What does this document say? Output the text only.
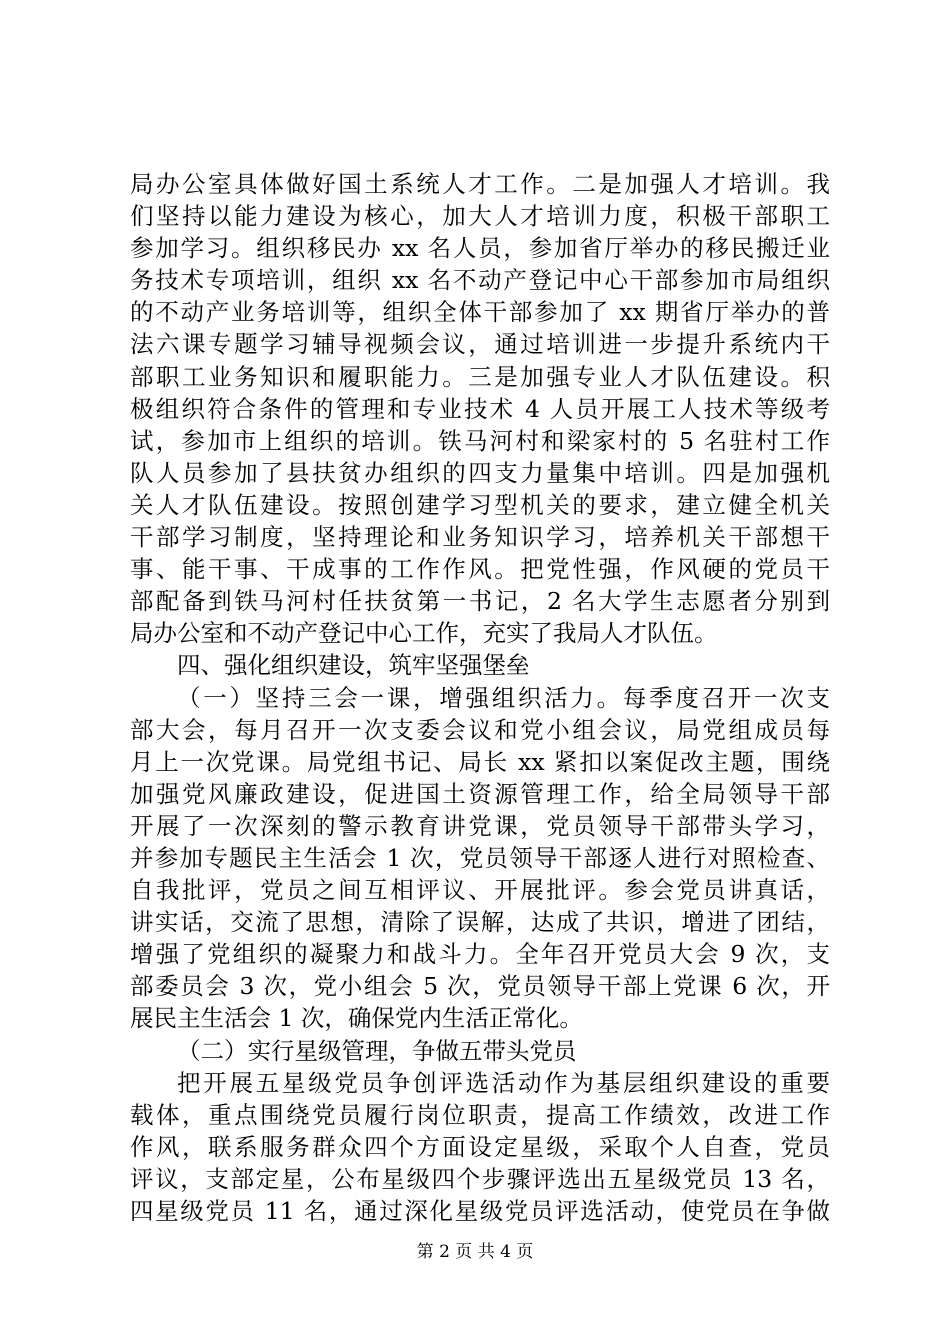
局办公室具体做好国土系统人才工作。二是加强人才培训。我
们坚持以能力建设为核心，加大人才培训力度，积极干部职工
参加学习。组织移民办 xx 名人员，参加省厅举办的移民搬迁业
务技术专项培训，组织 xx 名不动产登记中心干部参加市局组织
的不动产业务培训等，组织全体干部参加了 xx 期省厅举办的普
法六课专题学习辅导视频会议，通过培训进一步提升系统内干
部职工业务知识和履职能力。三是加强专业人才队伍建设。积
极组织符合条件的管理和专业技术 4 人员开展工人技术等级考
试，参加市上组织的培训。铁马河村和梁家村的 5 名驻村工作
队人员参加了县扶贫办组织的四支力量集中培训。四是加强机
关人才队伍建设。按照创建学习型机关的要求，建立健全机关
干部学习制度，坚持理论和业务知识学习，培养机关干部想干
事、能干事、干成事的工作作风。把党性强，作风硬的党员干
部配备到铁马河村任扶贫第一书记，2 名大学生志愿者分别到
局办公室和不动产登记中心工作，充实了我局人才队伍。
四、强化组织建设，筑牢坚强堡垒
（一）坚持三会一课，增强组织活力。每季度召开一次支
部大会，每月召开一次支委会议和党小组会议，局党组成员每
月上一次党课。局党组书记、局长 xx 紧扣以案促改主题，围绕
加强党风廉政建设，促进国土资源管理工作，给全局领导干部
开展了一次深刻的警示教育讲党课，党员领导干部带头学习，
并参加专题民主生活会 1 次，党员领导干部逐人进行对照检查、
自我批评，党员之间互相评议、开展批评。参会党员讲真话，
讲实话，交流了思想，清除了误解，达成了共识，增进了团结，
增强了党组织的凝聚力和战斗力。全年召开党员大会 9 次，支
部委员会 3 次，党小组会 5 次，党员领导干部上党课 6 次，开
展民主生活会 1 次，确保党内生活正常化。
（二）实行星级管理，争做五带头党员
把开展五星级党员争创评选活动作为基层组织建设的重要
载体，重点围绕党员履行岗位职责，提高工作绩效，改进工作
作风，联系服务群众四个方面设定星级，采取个人自查，党员
评议，支部定星，公布星级四个步骤评选出五星级党员 13 名，
四星级党员 11 名，通过深化星级党员评选活动，使党员在争做
第 2 页 共 4 页
